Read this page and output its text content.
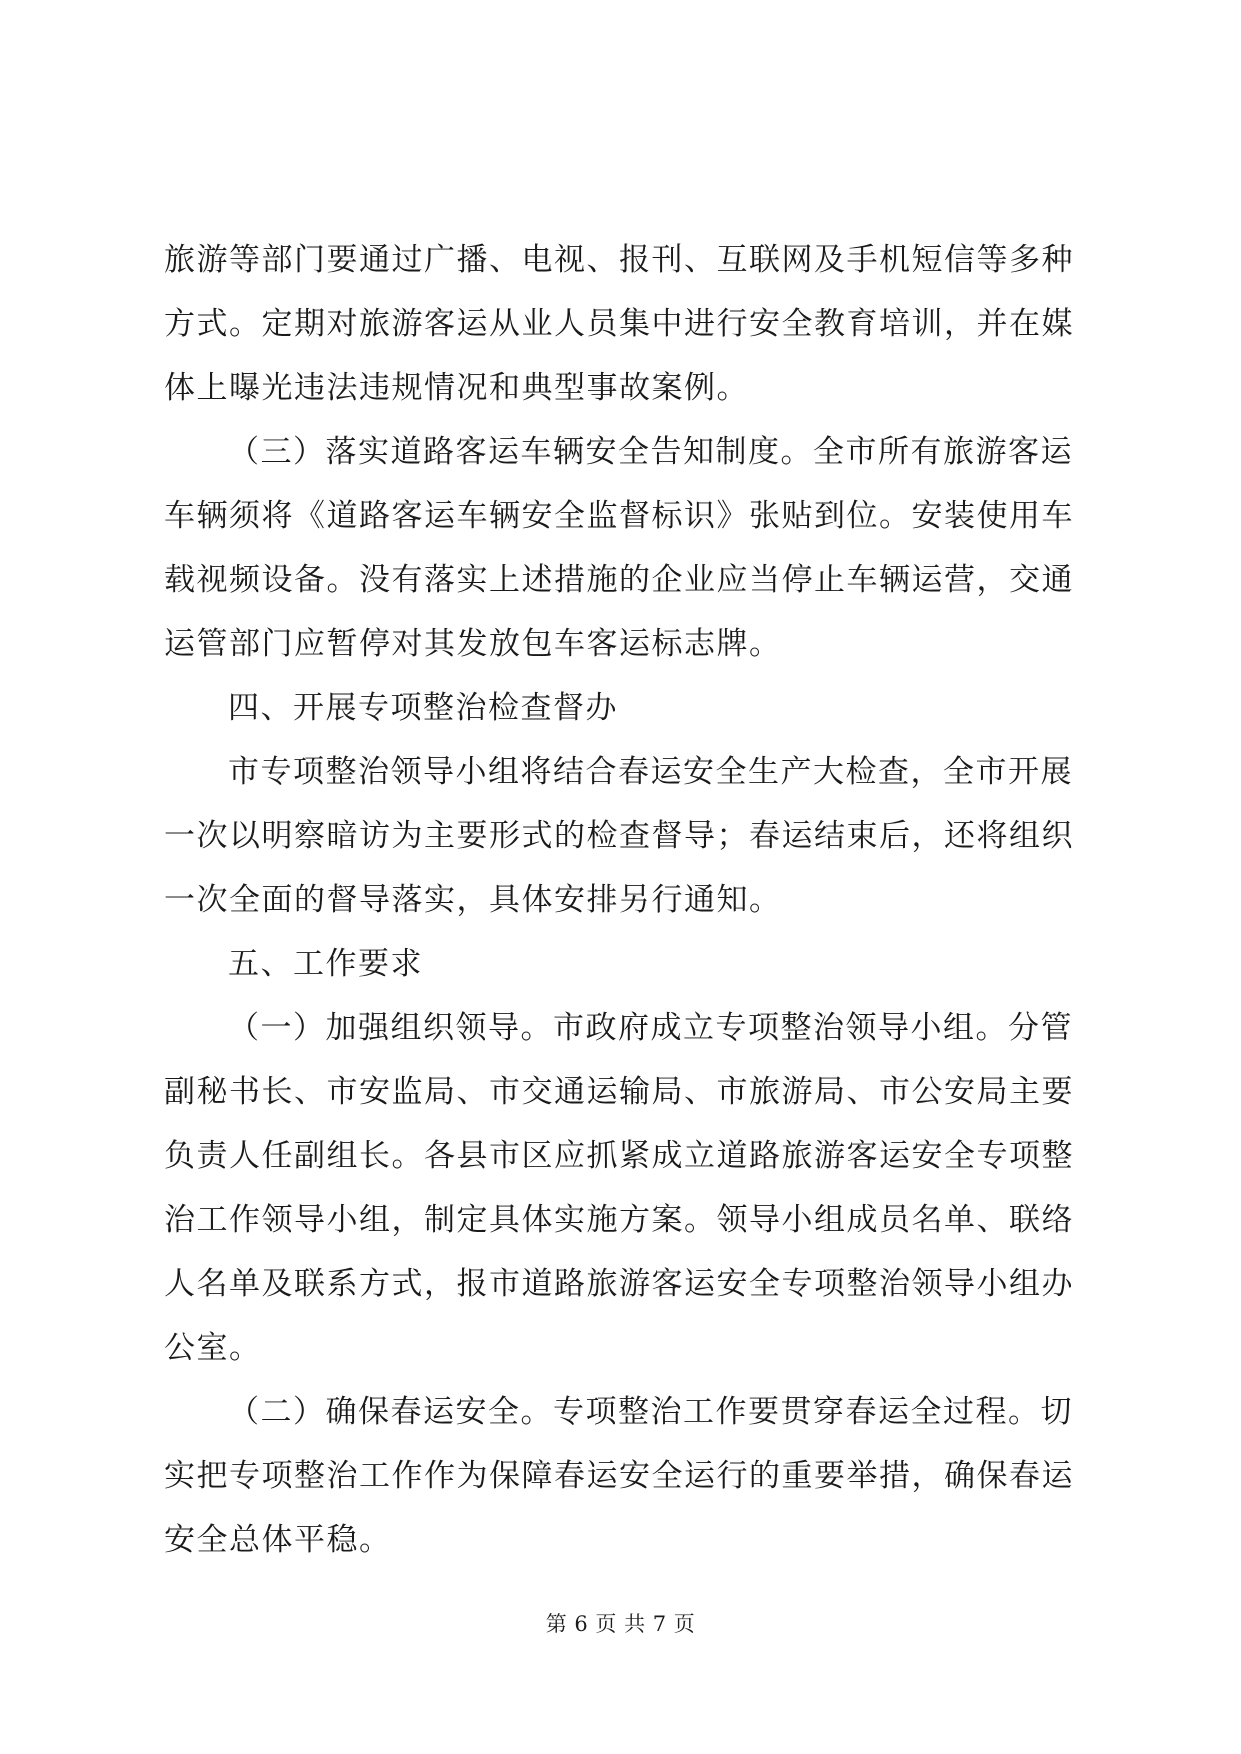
旅游等部门要通过广播、电视、报刊、互联网及手机短信等多种
方式。定期对旅游客运从业人员集中进行安全教育培训，并在媒
体上曝光违法违规情况和典型事故案例。

（三）落实道路客运车辆安全告知制度。全市所有旅游客运
车辆须将《道路客运车辆安全监督标识》张贴到位。安装使用车
载视频设备。没有落实上述措施的企业应当停止车辆运营，交通
运管部门应暂停对其发放包车客运标志牌。

四、开展专项整治检查督办

市专项整治领导小组将结合春运安全生产大检查，全市开展
一次以明察暗访为主要形式的检查督导；春运结束后，还将组织
一次全面的督导落实，具体安排另行通知。

五、工作要求

（一）加强组织领导。市政府成立专项整治领导小组。分管
副秘书长、市安监局、市交通运输局、市旅游局、市公安局主要
负责人任副组长。各县市区应抓紧成立道路旅游客运安全专项整
治工作领导小组，制定具体实施方案。领导小组成员名单、联络
人名单及联系方式，报市道路旅游客运安全专项整治领导小组办
公室。

（二）确保春运安全。专项整治工作要贯穿春运全过程。切
实把专项整治工作作为保障春运安全运行的重要举措，确保春运
安全总体平稳。

第 6 页 共 7 页
